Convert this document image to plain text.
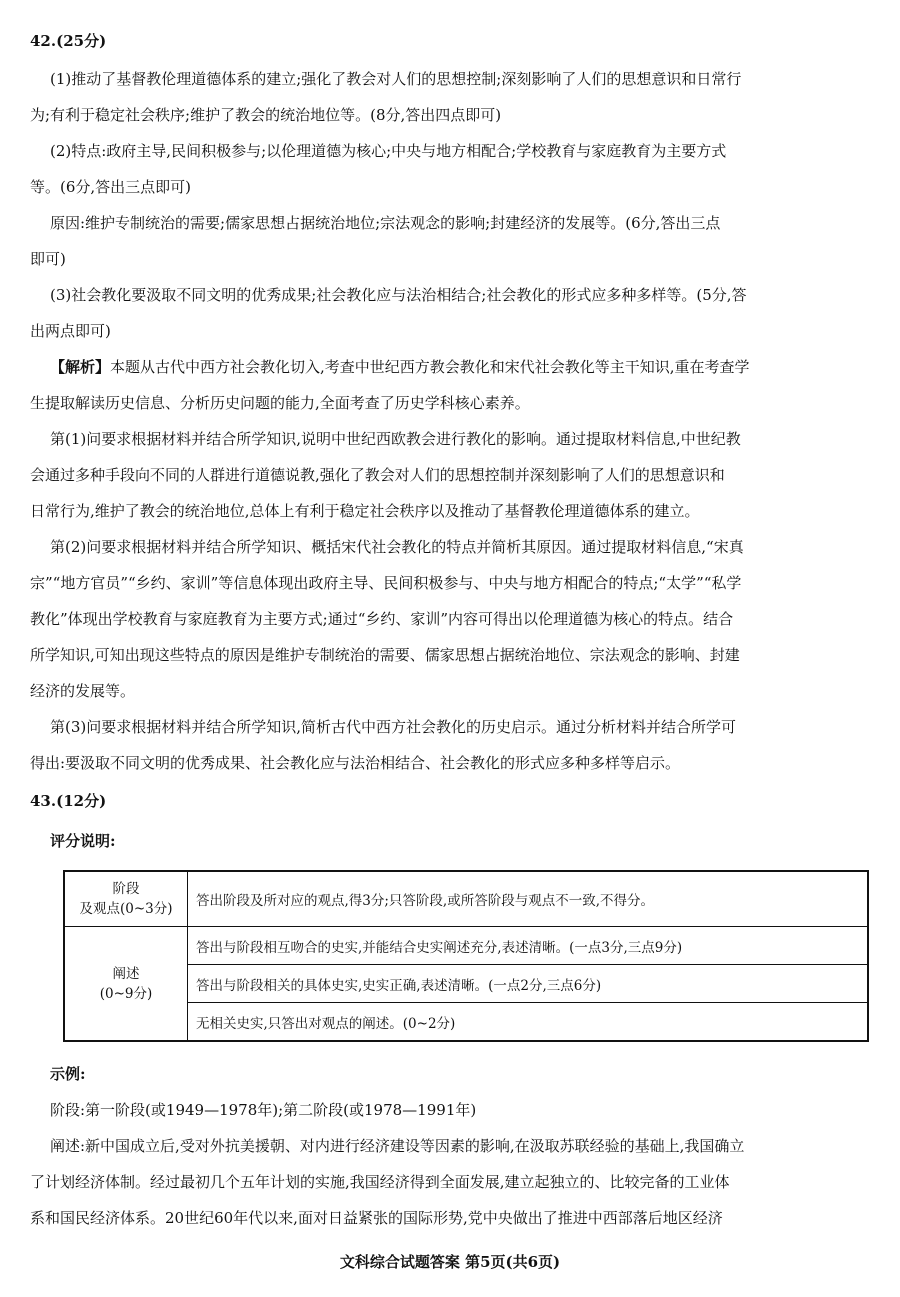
42.(25分)
(1)推动了基督教伦理道德体系的建立;强化了教会对人们的思想控制;深刻影响了人们的思想意识和日常行
为;有利于稳定社会秩序;维护了教会的统治地位等。(8分,答出四点即可)
(2)特点:政府主导,民间积极参与;以伦理道德为核心;中央与地方相配合;学校教育与家庭教育为主要方式
等。(6分,答出三点即可)
原因:维护专制统治的需要;儒家思想占据统治地位;宗法观念的影响;封建经济的发展等。(6分,答出三点
即可)
(3)社会教化要汲取不同文明的优秀成果;社会教化应与法治相结合;社会教化的形式应多种多样等。(5分,答
出两点即可)
【解析】本题从古代中西方社会教化切入,考查中世纪西方教会教化和宋代社会教化等主干知识,重在考查学
生提取解读历史信息、分析历史问题的能力,全面考查了历史学科核心素养。
第(1)问要求根据材料并结合所学知识,说明中世纪西欧教会进行教化的影响。通过提取材料信息,中世纪教
会通过多种手段向不同的人群进行道德说教,强化了教会对人们的思想控制并深刻影响了人们的思想意识和
日常行为,维护了教会的统治地位,总体上有利于稳定社会秩序以及推动了基督教伦理道德体系的建立。
第(2)问要求根据材料并结合所学知识、概括宋代社会教化的特点并简析其原因。通过提取材料信息,“宋真
宗”“地方官员”“乡约、家训”等信息体现出政府主导、民间积极参与、中央与地方相配合的特点;“太学”“私学
教化”体现出学校教育与家庭教育为主要方式;通过“乡约、家训”内容可得出以伦理道德为核心的特点。结合
所学知识,可知出现这些特点的原因是维护专制统治的需要、儒家思想占据统治地位、宗法观念的影响、封建
经济的发展等。
第(3)问要求根据材料并结合所学知识,简析古代中西方社会教化的历史启示。通过分析材料并结合所学可
得出:要汲取不同文明的优秀成果、社会教化应与法治相结合、社会教化的形式应多种多样等启示。
43.(12分)
评分说明:
阶段
及观点(0~3分)	答出阶段及所对应的观点,得3分;只答阶段,或所答阶段与观点不一致,不得分。

阐述
(0~9分)	答出与阶段相互吻合的史实,并能结合史实阐述充分,表述清晰。(一点3分,三点9分)
	答出与阶段相关的具体史实,史实正确,表述清晰。(一点2分,三点6分)
	无相关史实,只答出对观点的阐述。(0~2分)
示例:
阶段:第一阶段(或1949—1978年);第二阶段(或1978—1991年)
阐述:新中国成立后,受对外抗美援朝、对内进行经济建设等因素的影响,在汲取苏联经验的基础上,我国确立
了计划经济体制。经过最初几个五年计划的实施,我国经济得到全面发展,建立起独立的、比较完备的工业体
系和国民经济体系。20世纪60年代以来,面对日益紧张的国际形势,党中央做出了推进中西部落后地区经济
文科综合试题答案 第5页(共6页)
